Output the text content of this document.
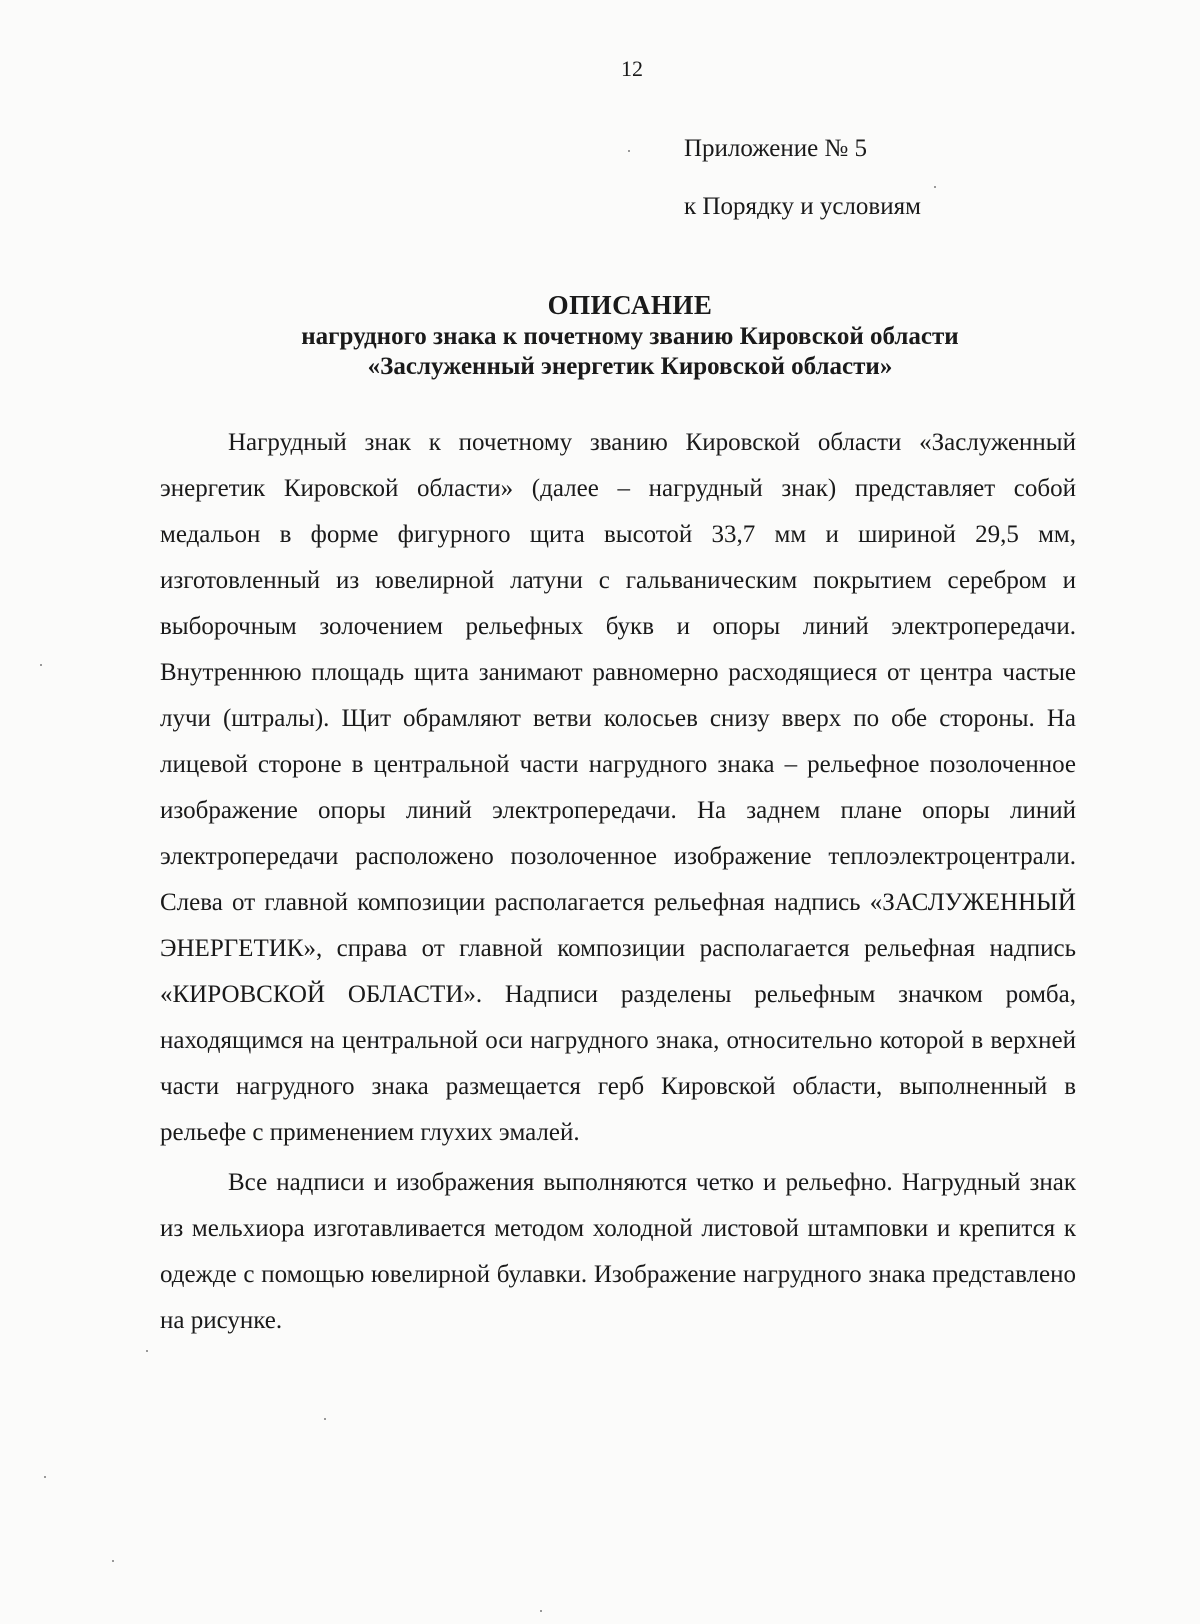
12
Приложение № 5
к Порядку и условиям
ОПИСАНИЕ
нагрудного знака к почетному званию Кировской области
«Заслуженный энергетик Кировской области»

Нагрудный знак к почетному званию Кировской области «Заслуженный энергетик Кировской области» (далее – нагрудный знак) представляет собой медальон в форме фигурного щита высотой 33,7 мм и шириной 29,5 мм, изготовленный из ювелирной латуни с гальваническим покрытием серебром и выборочным золочением рельефных букв и опоры линий электропередачи. Внутреннюю площадь щита занимают равномерно расходящиеся от центра частые лучи (штралы). Щит обрамляют ветви колосьев снизу вверх по обе стороны. На лицевой стороне в центральной части нагрудного знака – рельефное позолоченное изображение опоры линий электропередачи. На заднем плане опоры линий электропередачи расположено позолоченное изображение теплоэлектроцентрали. Слева от главной композиции располагается рельефная надпись «ЗАСЛУЖЕННЫЙ ЭНЕРГЕТИК», справа от главной композиции располагается рельефная надпись «КИРОВСКОЙ ОБЛАСТИ». Надписи разделены рельефным значком ромба, находящимся на центральной оси нагрудного знака, относительно которой в верхней части нагрудного знака размещается герб Кировской области, выполненный в рельефе с применением глухих эмалей.

Все надписи и изображения выполняются четко и рельефно. Нагрудный знак из мельхиора изготавливается методом холодной листовой штамповки и крепится к одежде с помощью ювелирной булавки. Изображение нагрудного знака представлено на рисунке.
